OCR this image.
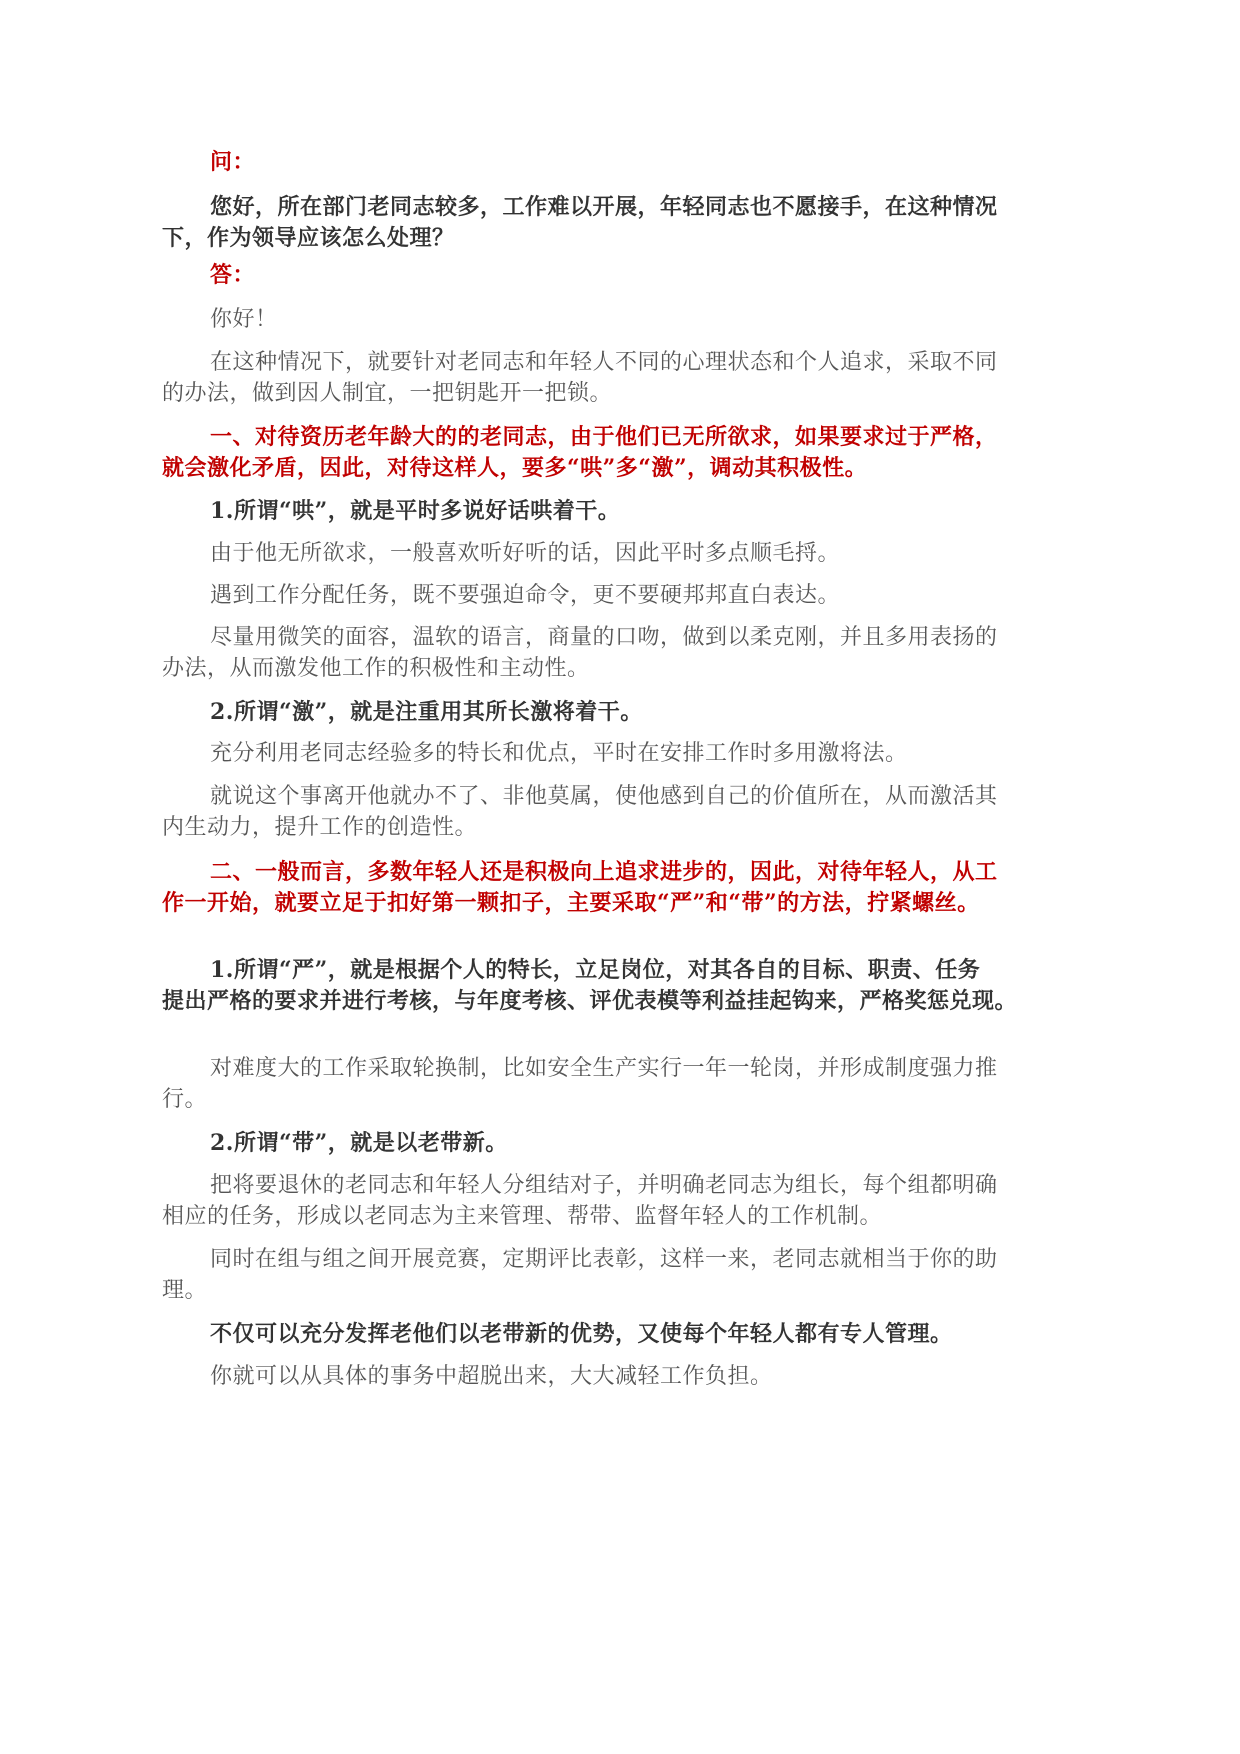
问：
您好，所在部门老同志较多，工作难以开展，年轻同志也不愿接手，在这种情况
下，作为领导应该怎么处理？
答：
你好！
在这种情况下，就要针对老同志和年轻人不同的心理状态和个人追求，采取不同
的办法，做到因人制宜，一把钥匙开一把锁。
一、对待资历老年龄大的的老同志，由于他们已无所欲求，如果要求过于严格，
就会激化矛盾，因此，对待这样人，要多“哄”多“激”，调动其积极性。
1.所谓“哄”，就是平时多说好话哄着干。
由于他无所欲求，一般喜欢听好听的话，因此平时多点顺毛捋。
遇到工作分配任务，既不要强迫命令，更不要硬邦邦直白表达。
尽量用微笑的面容，温软的语言，商量的口吻，做到以柔克刚，并且多用表扬的
办法，从而激发他工作的积极性和主动性。
2.所谓“激”，就是注重用其所长激将着干。
充分利用老同志经验多的特长和优点，平时在安排工作时多用激将法。
就说这个事离开他就办不了、非他莫属，使他感到自己的价值所在，从而激活其
内生动力，提升工作的创造性。
二、一般而言，多数年轻人还是积极向上追求进步的，因此，对待年轻人，从工
作一开始，就要立足于扣好第一颗扣子，主要采取“严”和“带”的方法，拧紧螺丝。
1.所谓“严”，就是根据个人的特长，立足岗位，对其各自的目标、职责、任务
提出严格的要求并进行考核，与年度考核、评优表模等利益挂起钩来，严格奖惩兑现。
对难度大的工作采取轮换制，比如安全生产实行一年一轮岗，并形成制度强力推
行。
2.所谓“带”，就是以老带新。
把将要退休的老同志和年轻人分组结对子，并明确老同志为组长，每个组都明确
相应的任务，形成以老同志为主来管理、帮带、监督年轻人的工作机制。
同时在组与组之间开展竞赛，定期评比表彰，这样一来，老同志就相当于你的助
理。
不仅可以充分发挥老他们以老带新的优势，又使每个年轻人都有专人管理。
你就可以从具体的事务中超脱出来，大大减轻工作负担。
